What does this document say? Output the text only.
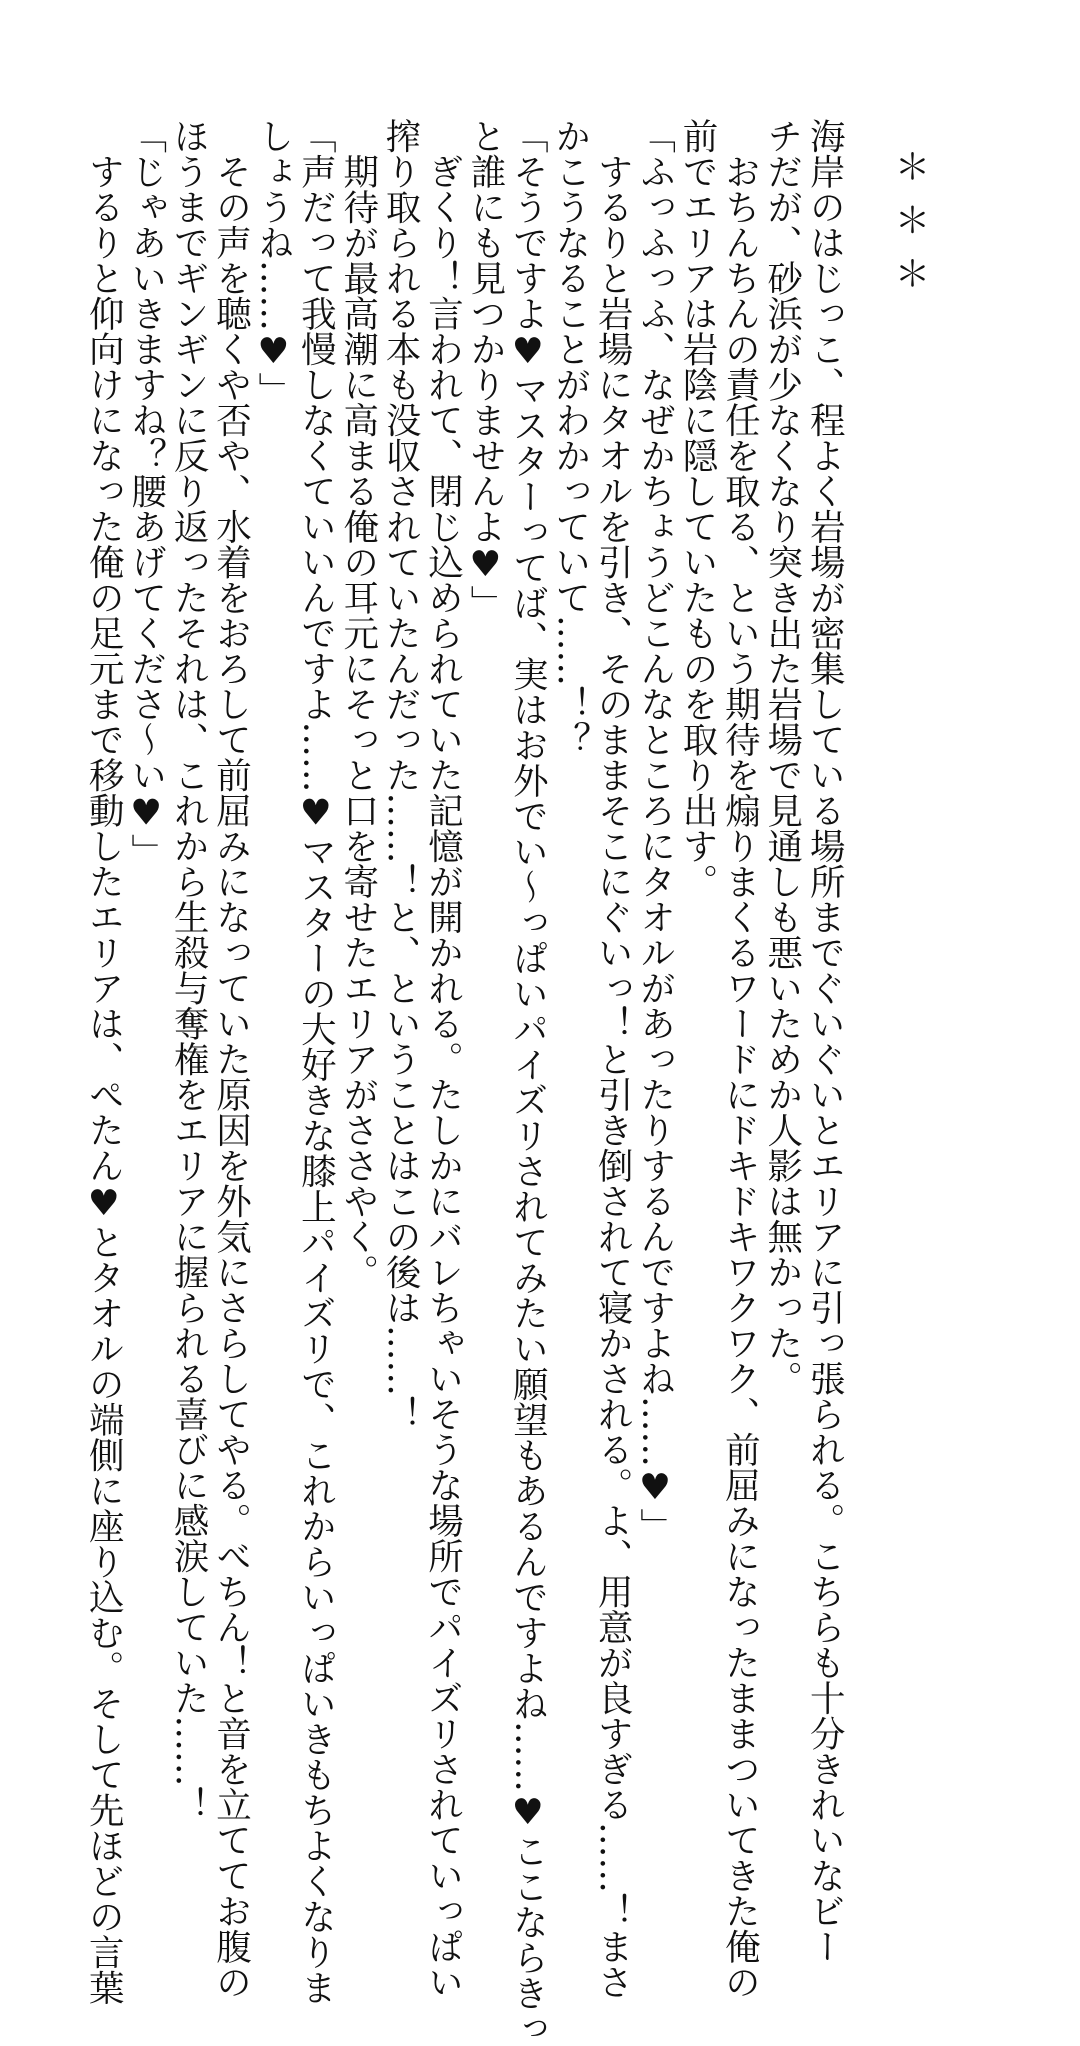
＊＊＊
海岸のはじっこ、程よく岩場が密集している場所までぐいぐいとエリアに引っ張られる。こちらも十分きれいなビー
チだが、砂浜が少なくなり突き出た岩場で見通しも悪いためか人影は無かった。
　おちんちんの責任を取る、という期待を煽りまくるワードにドキドキワクワク、前屈みになったままついてきた俺の
前でエリアは岩陰に隠していたものを取り出す。
「ふっふっふ、なぜかちょうどこんなところにタオルがあったりするんですよね……♥」
　するりと岩場にタオルを引き、そのままそこにぐいっ！と引き倒されて寝かされる。よ、用意が良すぎる……！まさ
かこうなることがわかっていて……！？
「そうですよ♥マスターってば、実はお外でい～っぱいパイズリされてみたい願望もあるんですよね……♥ここならきっ
と誰にも見つかりませんよ♥」
　ぎくり！言われて、閉じ込められていた記憶が開かれる。たしかにバレちゃいそうな場所でパイズリされていっぱい
搾り取られる本も没収されていたんだった……！と、ということはこの後は……！
　期待が最高潮に高まる俺の耳元にそっと口を寄せたエリアがささやく。
「声だって我慢しなくていいんですよ……♥マスターの大好きな膝上パイズリで、これからいっぱいきもちよくなりま
しょうね……♥」
　その声を聴くや否や、水着をおろして前屈みになっていた原因を外気にさらしてやる。べちん！と音を立ててお腹の
ほうまでギンギンに反り返ったそれは、これから生殺与奪権をエリアに握られる喜びに感涙していた……！
「じゃあいきますね？腰あげてくださ～い♥」
　するりと仰向けになった俺の足元まで移動したエリアは、ぺたん♥とタオルの端側に座り込む。そして先ほどの言葉
